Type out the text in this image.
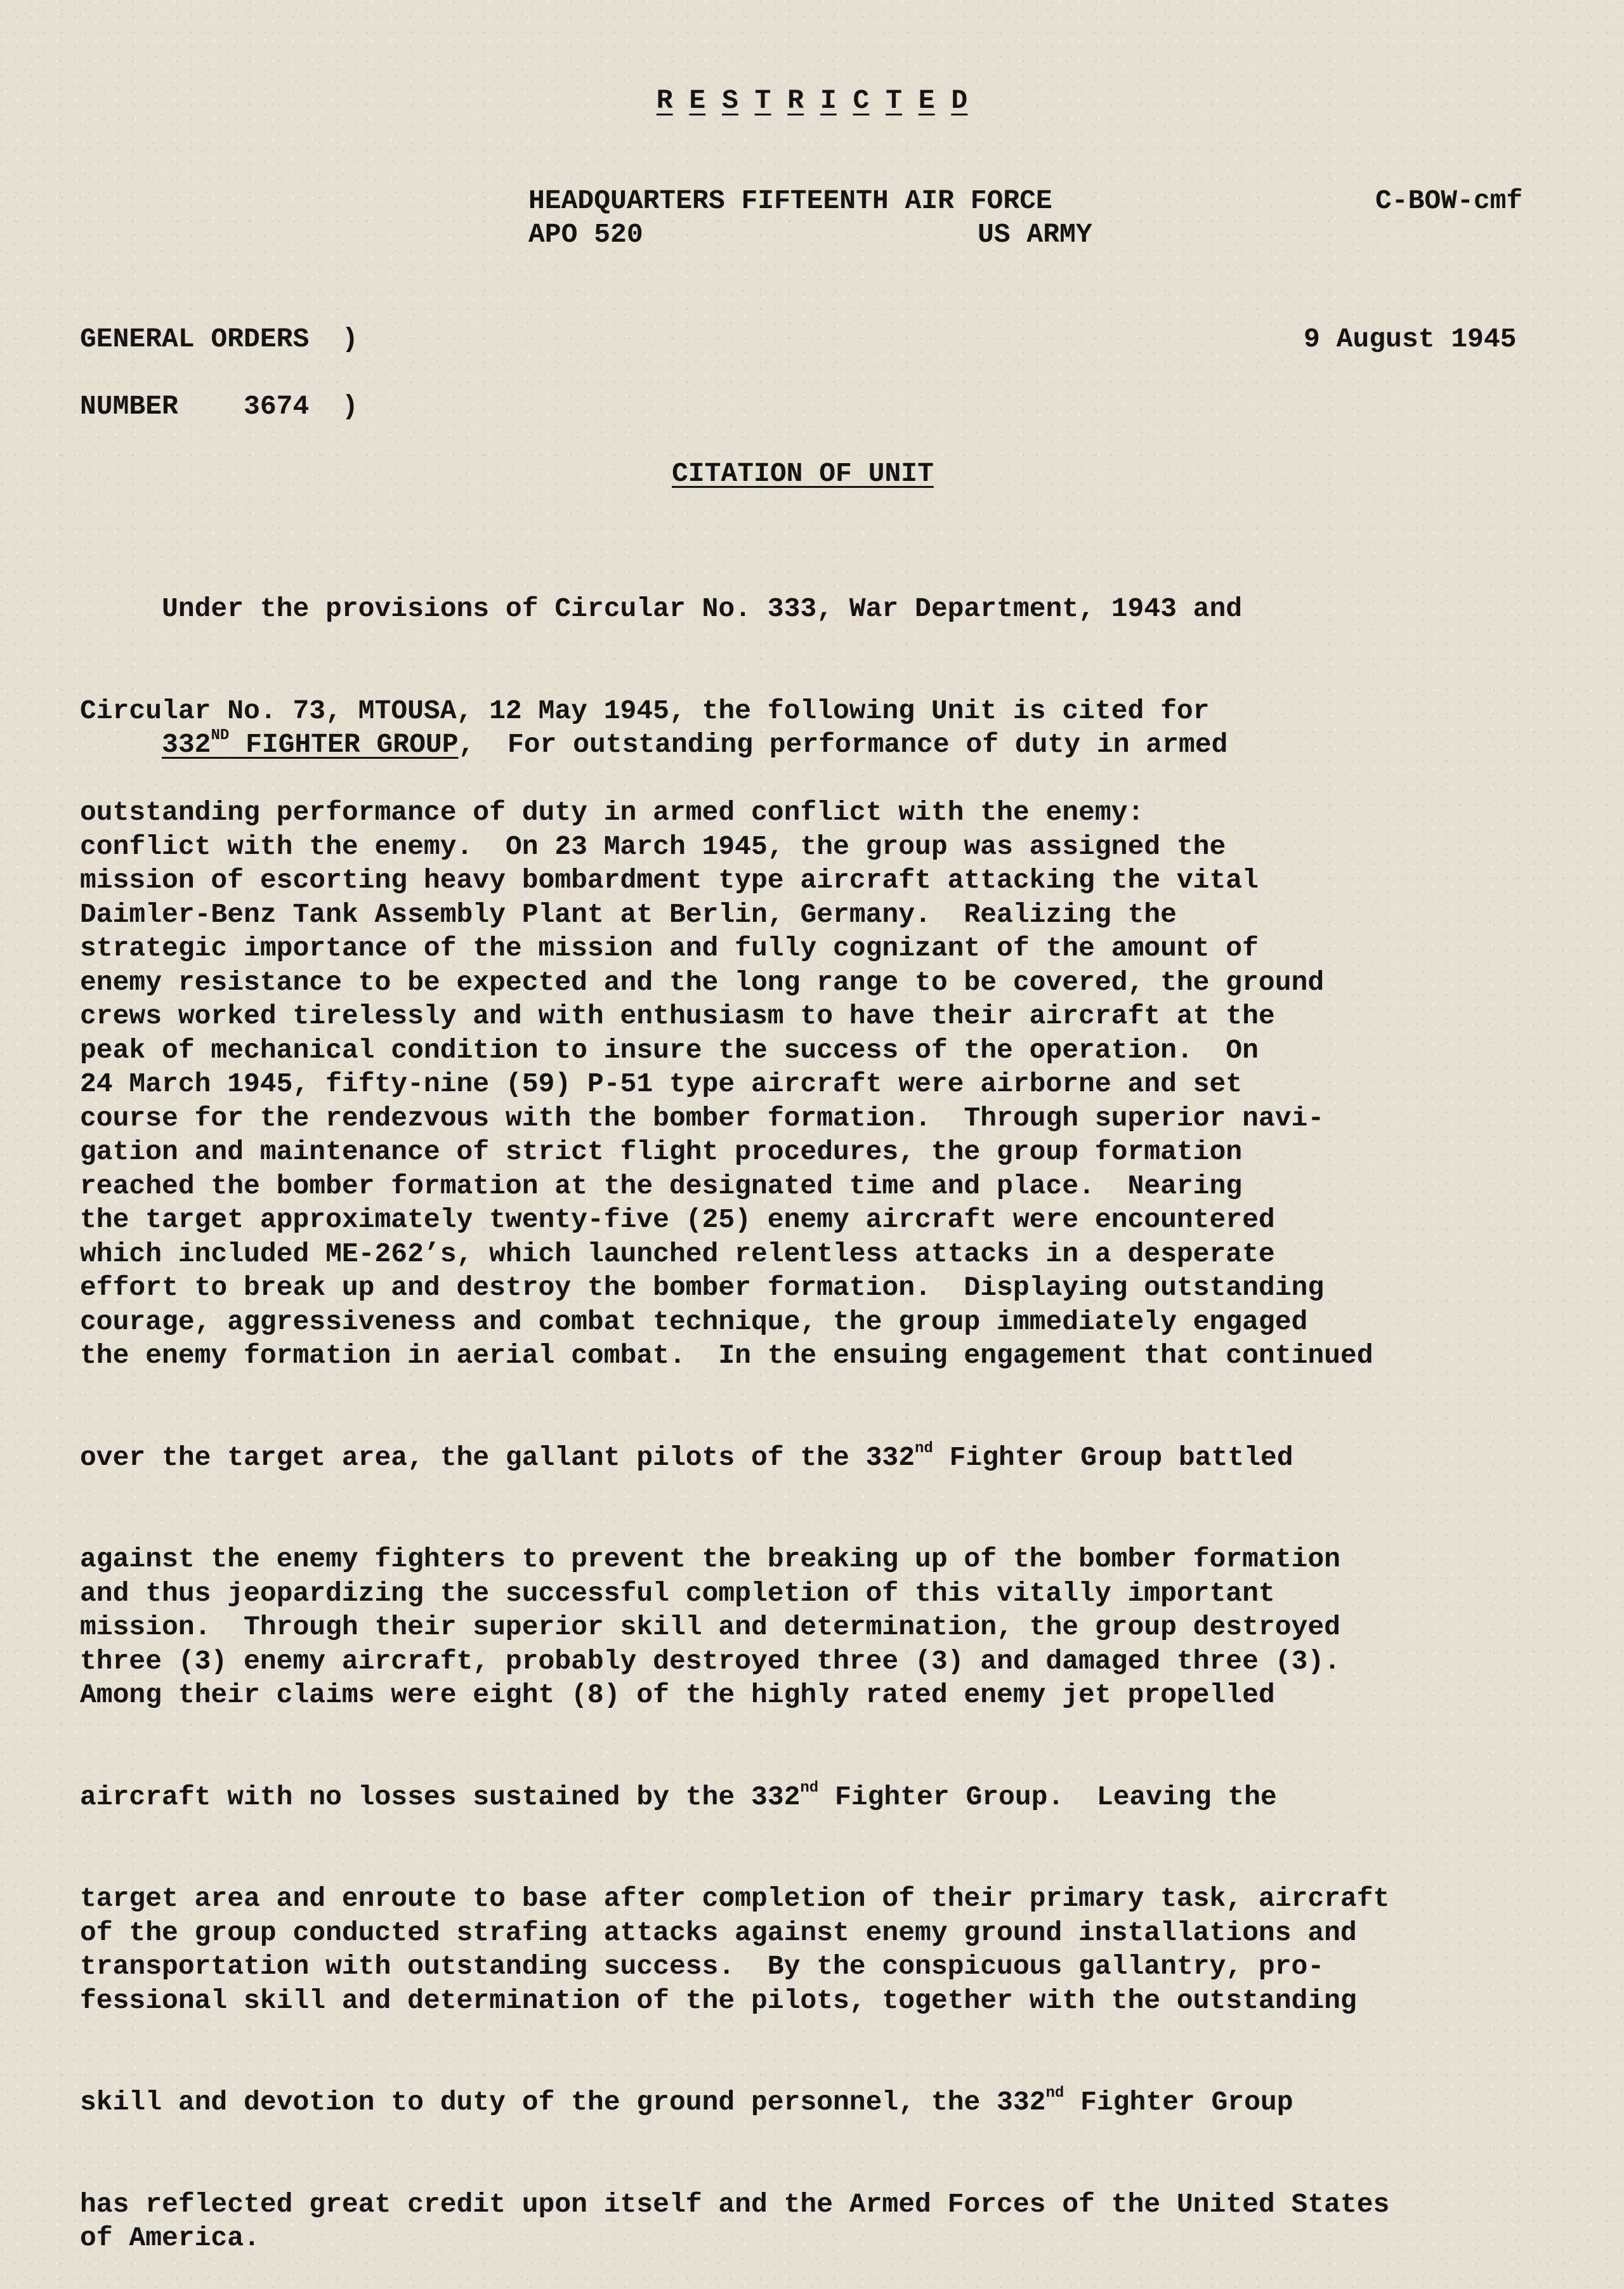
R E S T R I C T E D
HEADQUARTERS FIFTEENTH AIR FORCE	C-BOW-cmf
APO 520	US ARMY
GENERAL ORDERS  )	9 August 1945
NUMBER    3674  )
CITATION OF UNIT

Under the provisions of Circular No. 333, War Department, 1943 and

Circular No. 73, MTOUSA, 12 May 1945, the following Unit is cited for

outstanding performance of duty in armed conflict with the enemy:

332ND FIGHTER GROUP,  For outstanding performance of duty in armed

conflict with the enemy.  On 23 March 1945, the group was assigned the
mission of escorting heavy bombardment type aircraft attacking the vital
Daimler-Benz Tank Assembly Plant at Berlin, Germany.  Realizing the
strategic importance of the mission and fully cognizant of the amount of
enemy resistance to be expected and the long range to be covered, the ground
crews worked tirelessly and with enthusiasm to have their aircraft at the
peak of mechanical condition to insure the success of the operation.  On
24 March 1945, fifty-nine (59) P-51 type aircraft were airborne and set
course for the rendezvous with the bomber formation.  Through superior navi-
gation and maintenance of strict flight procedures, the group formation
reached the bomber formation at the designated time and place.  Nearing
the target approximately twenty-five (25) enemy aircraft were encountered
which included ME-262’s, which launched relentless attacks in a desperate
effort to break up and destroy the bomber formation.  Displaying outstanding
courage, aggressiveness and combat technique, the group immediately engaged
the enemy formation in aerial combat.  In the ensuing engagement that continued

over the target area, the gallant pilots of the 332nd Fighter Group battled

against the enemy fighters to prevent the breaking up of the bomber formation
and thus jeopardizing the successful completion of this vitally important
mission.  Through their superior skill and determination, the group destroyed
three (3) enemy aircraft, probably destroyed three (3) and damaged three (3).
Among their claims were eight (8) of the highly rated enemy jet propelled

aircraft with no losses sustained by the 332nd Fighter Group.  Leaving the

target area and enroute to base after completion of their primary task, aircraft
of the group conducted strafing attacks against enemy ground installations and
transportation with outstanding success.  By the conspicuous gallantry, pro-
fessional skill and determination of the pilots, together with the outstanding

skill and devotion to duty of the ground personnel, the 332nd Fighter Group

has reflected great credit upon itself and the Armed Forces of the United States
of America.
